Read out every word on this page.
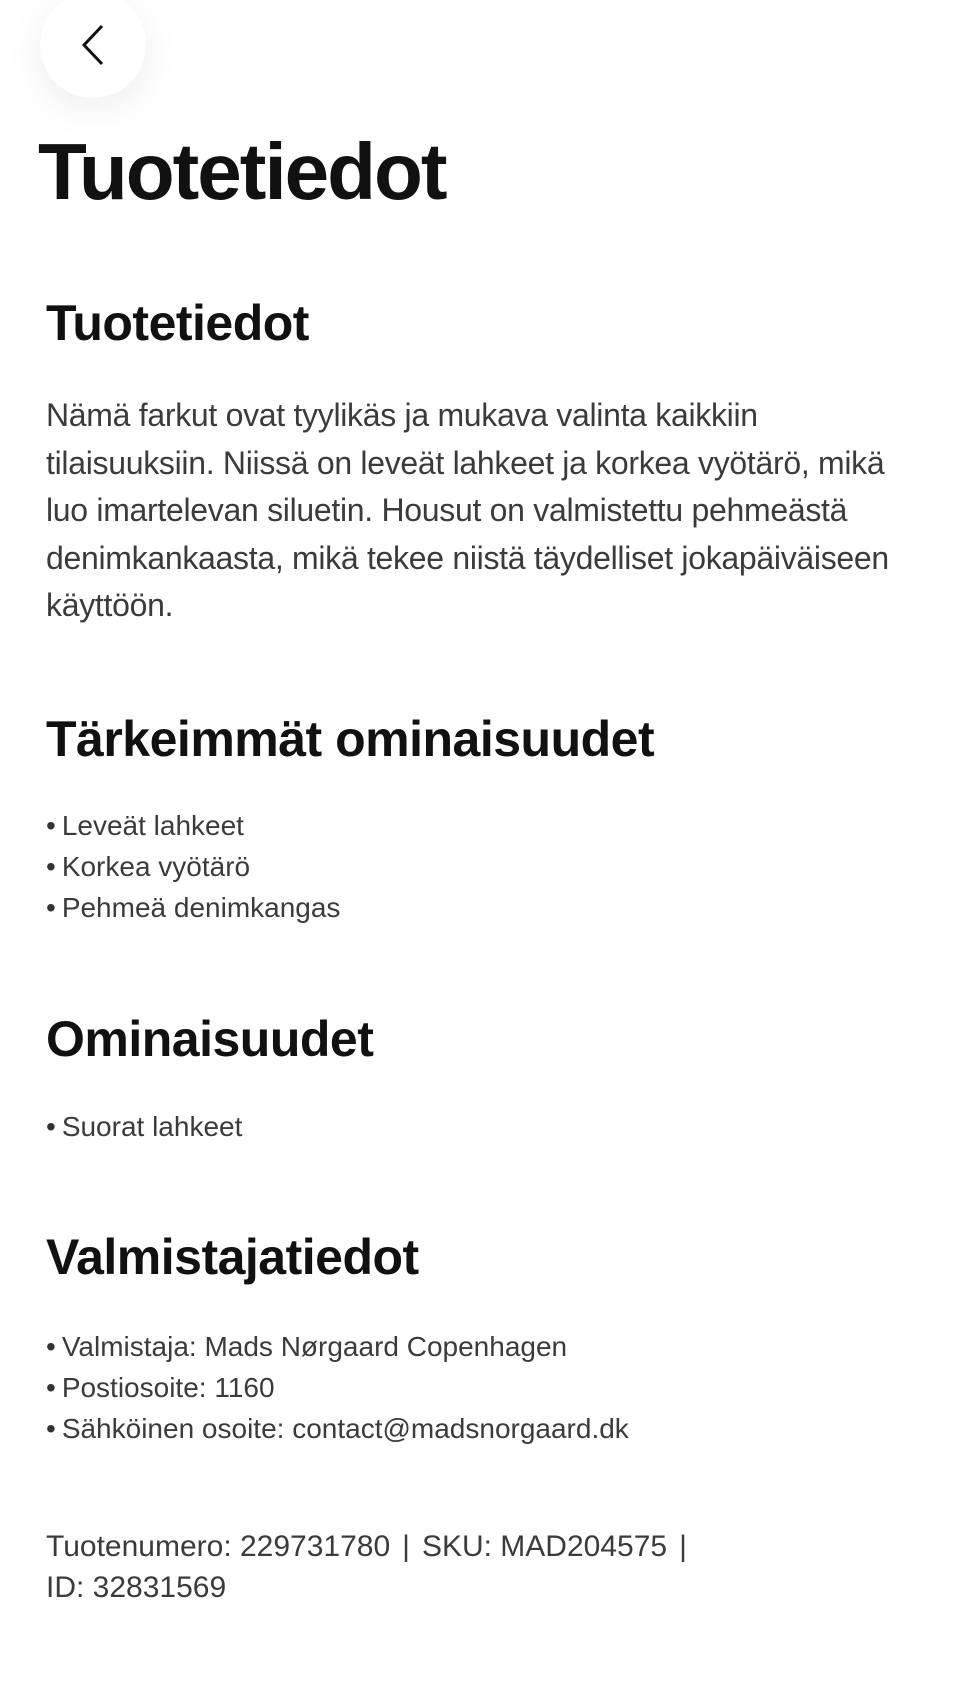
Tuotetiedot
Tuotetiedot

Nämä farkut ovat tyylikäs ja mukava valinta kaikkiin tilaisuuksiin. Niissä on leveät lahkeet ja korkea vyötärö, mikä luo imartelevan siluetin. Housut on valmistettu pehmeästä denimkankaasta, mikä tekee niistä täydelliset jokapäiväiseen käyttöön.

Tärkeimmät ominaisuudet
• Leveät lahkeet
• Korkea vyötärö
• Pehmeä denimkangas
Ominaisuudet
• Suorat lahkeet
Valmistajatiedot
• Valmistaja: Mads Nørgaard Copenhagen
• Postiosoite: 1160
• Sähköinen osoite: contact@madsnorgaard.dk

Tuotenumero: 229731780 | SKU: MAD204575 |
ID: 32831569
